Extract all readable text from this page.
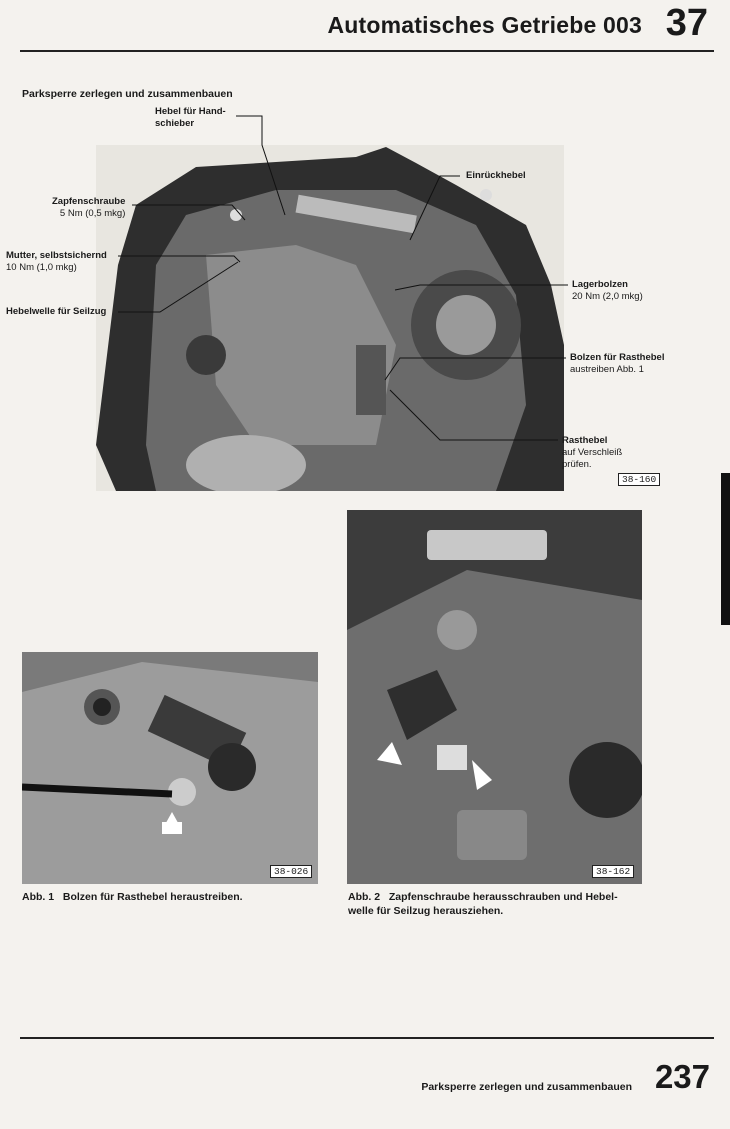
Automatisches Getriebe 003 37
Parksperre zerlegen und zusammenbauen
Hebel für Hand-
schieber
Zapfenschraube
5 Nm (0,5 mkg)
Mutter, selbstsichernd
10 Nm (1,0 mkg)
Hebelwelle für Seilzug
Einrückhebel
Lagerbolzen
20 Nm (2,0 mkg)
Bolzen für Rasthebel
austreiben Abb. 1
Rasthebel
auf Verschleiß
prüfen.
38-160
38-026	38-162
Abb. 1 Bolzen für Rasthebel heraustreiben.	Abb. 2 Zapfenschraube herausschrauben und Hebel-
welle für Seilzug herausziehen.
Parksperre zerlegen und zusammenbauen 237
